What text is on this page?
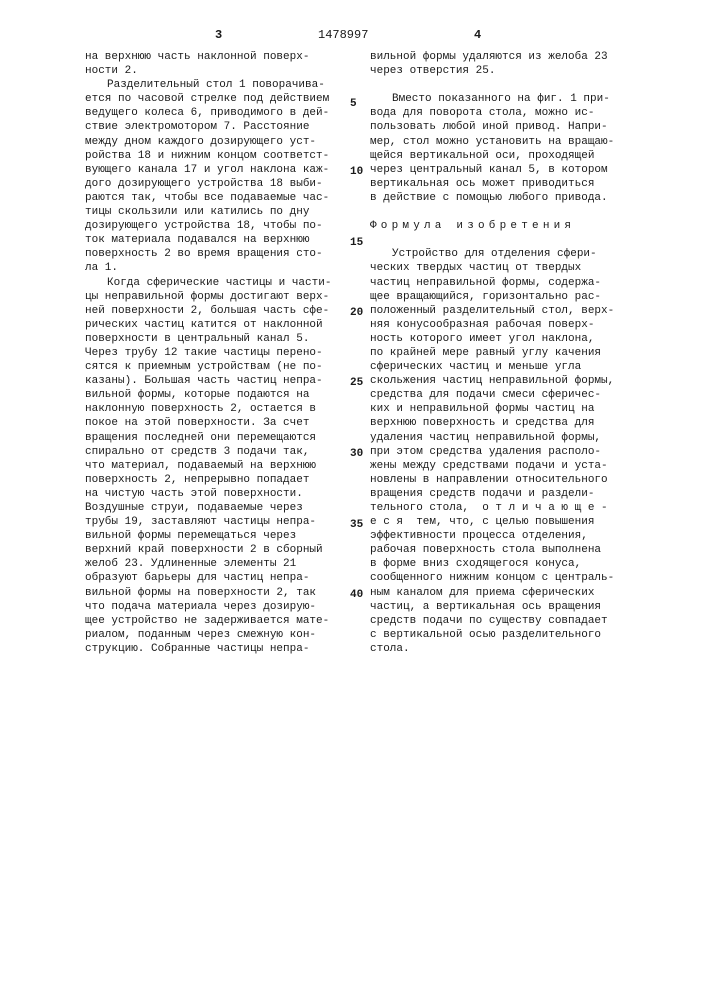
3	1478997	4
на верхнюю часть наклонной поверх-
ности 2.
Разделительный стол 1 поворачива-
ется по часовой стрелке под действием
ведущего колеса 6, приводимого в дей-
ствие электромотором 7. Расстояние
между дном каждого дозирующего уст-
ройства 18 и нижним концом соответст-
вующего канала 17 и угол наклона каж-
дого дозирующего устройства 18 выби-
раются так, чтобы все подаваемые час-
тицы скользили или катились по дну
дозирующего устройства 18, чтобы по-
ток материала подавался на верхнюю
поверхность 2 во время вращения сто-
ла 1.
Когда сферические частицы и части-
цы неправильной формы достигают верх-
ней поверхности 2, большая часть сфе-
рических частиц катится от наклонной
поверхности в центральный канал 5.
Через трубу 12 такие частицы перено-
сятся к приемным устройствам (не по-
казаны). Большая часть частиц непра-
вильной формы, которые подаются на
наклонную поверхность 2, остается в
покое на этой поверхности. За счет
вращения последней они перемещаются
спирально от средств 3 подачи так,
что материал, подаваемый на верхнюю
поверхность 2, непрерывно попадает
на чистую часть этой поверхности.
Воздушные струи, подаваемые через
трубы 19, заставляют частицы непра-
вильной формы перемещаться через
верхний край поверхности 2 в сборный
желоб 23. Удлиненные элементы 21
образуют барьеры для частиц непра-
вильной формы на поверхности 2, так
что подача материала через дозирую-
щее устройство не задерживается мате-
риалом, поданным через смежную кон-
струкцию. Собранные частицы непра-
вильной формы удаляются из желоба 23
через отверстия 25.
Вместо показанного на фиг. 1 при-
вода для поворота стола, можно ис-
пользовать любой иной привод. Напри-
мер, стол можно установить на вращаю-
щейся вертикальной оси, проходящей
через центральный канал 5, в котором
вертикальная ось может приводиться
в действие с помощью любого привода.
Формула изобретения
Устройство для отделения сфери-
ческих твердых частиц от твердых
частиц неправильной формы, содержа-
щее вращающийся, горизонтально рас-
положенный разделительный стол, верх-
няя конусообразная рабочая поверх-
ность которого имеет угол наклона,
по крайней мере равный углу качения
сферических частиц и меньше угла
скольжения частиц неправильной формы,
средства для подачи смеси сферичес-
ких и неправильной формы частиц на
верхнюю поверхность и средства для
удаления частиц неправильной формы,
при этом средства удаления располо-
жены между средствами подачи и уста-
новлены в направлении относительного
вращения средств подачи и раздели-
тельного стола,  о т л и ч а ю щ е -
е с я  тем, что, с целью повышения
эффективности процесса отделения,
рабочая поверхность стола выполнена
в форме вниз сходящегося конуса,
сообщенного нижним концом с централь-
ным каналом для приема сферических
частиц, а вертикальная ось вращения
средств подачи по существу совпадает
с вертикальной осью разделительного
стола.
5
10
15
20
25
30
35
40
